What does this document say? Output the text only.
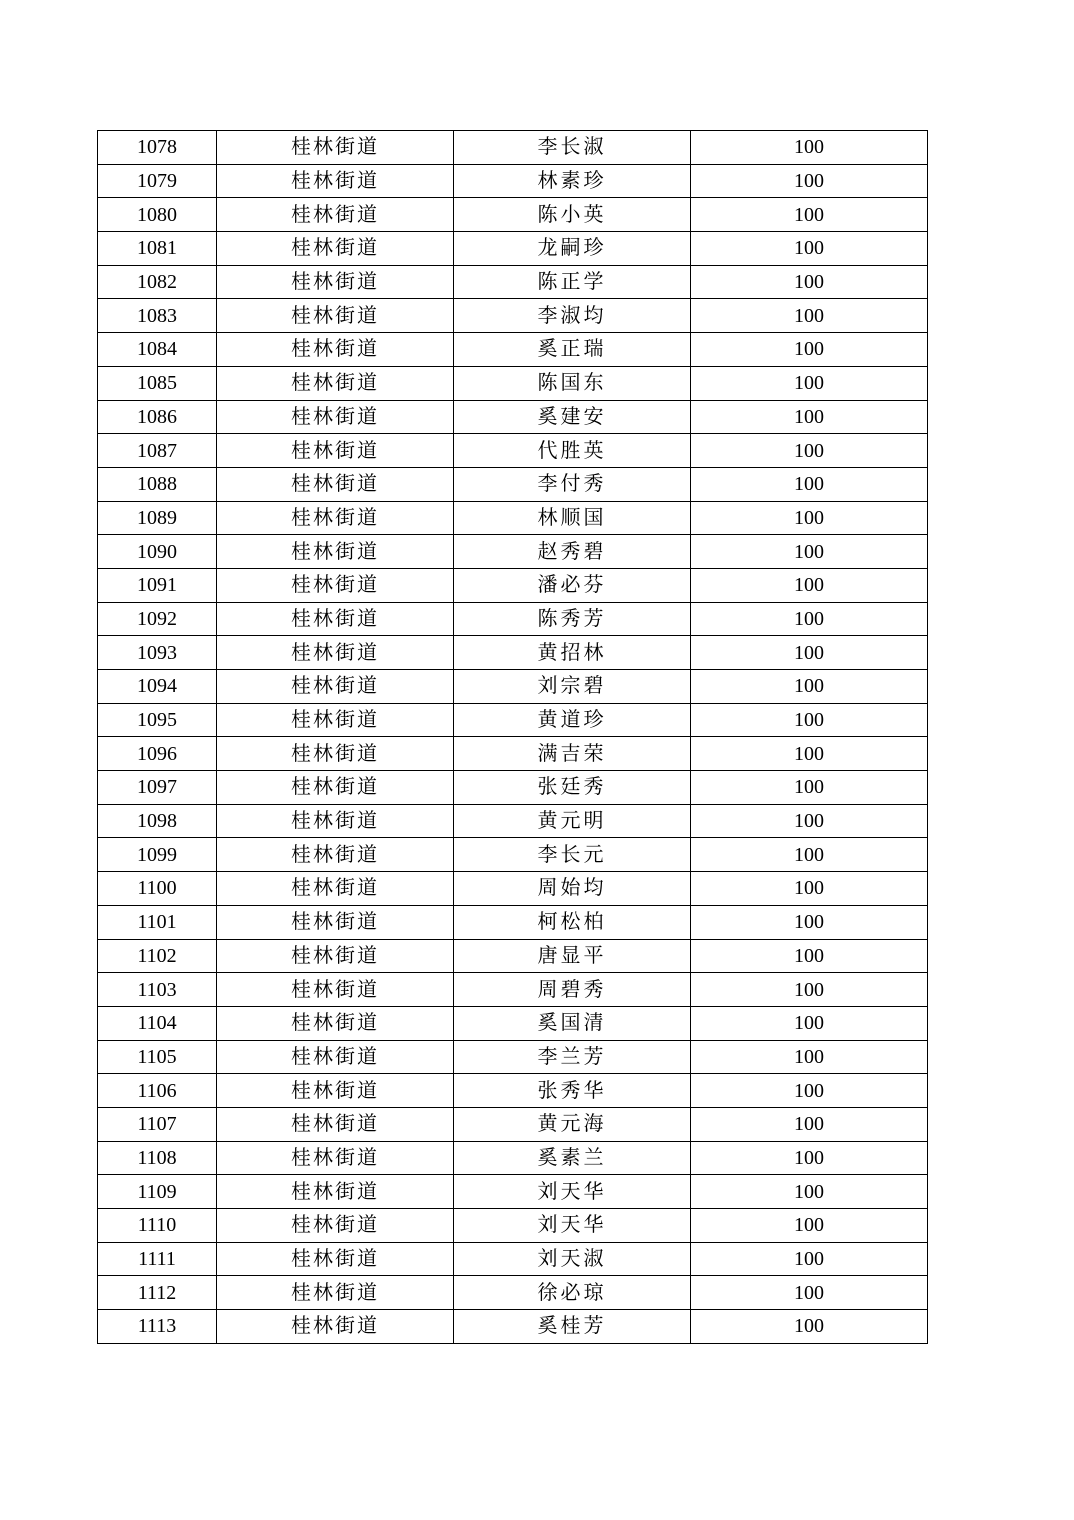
1078	桂林街道	李长淑	100
1079	桂林街道	林素珍	100
1080	桂林街道	陈小英	100
1081	桂林街道	龙嗣珍	100
1082	桂林街道	陈正学	100
1083	桂林街道	李淑均	100
1084	桂林街道	奚正瑞	100
1085	桂林街道	陈国东	100
1086	桂林街道	奚建安	100
1087	桂林街道	代胜英	100
1088	桂林街道	李付秀	100
1089	桂林街道	林顺国	100
1090	桂林街道	赵秀碧	100
1091	桂林街道	潘必芬	100
1092	桂林街道	陈秀芳	100
1093	桂林街道	黄招林	100
1094	桂林街道	刘宗碧	100
1095	桂林街道	黄道珍	100
1096	桂林街道	满吉荣	100
1097	桂林街道	张廷秀	100
1098	桂林街道	黄元明	100
1099	桂林街道	李长元	100
1100	桂林街道	周始均	100
1101	桂林街道	柯松柏	100
1102	桂林街道	唐显平	100
1103	桂林街道	周碧秀	100
1104	桂林街道	奚国清	100
1105	桂林街道	李兰芳	100
1106	桂林街道	张秀华	100
1107	桂林街道	黄元海	100
1108	桂林街道	奚素兰	100
1109	桂林街道	刘天华	100
1110	桂林街道	刘天华	100
1111	桂林街道	刘天淑	100
1112	桂林街道	徐必琼	100
1113	桂林街道	奚桂芳	100
